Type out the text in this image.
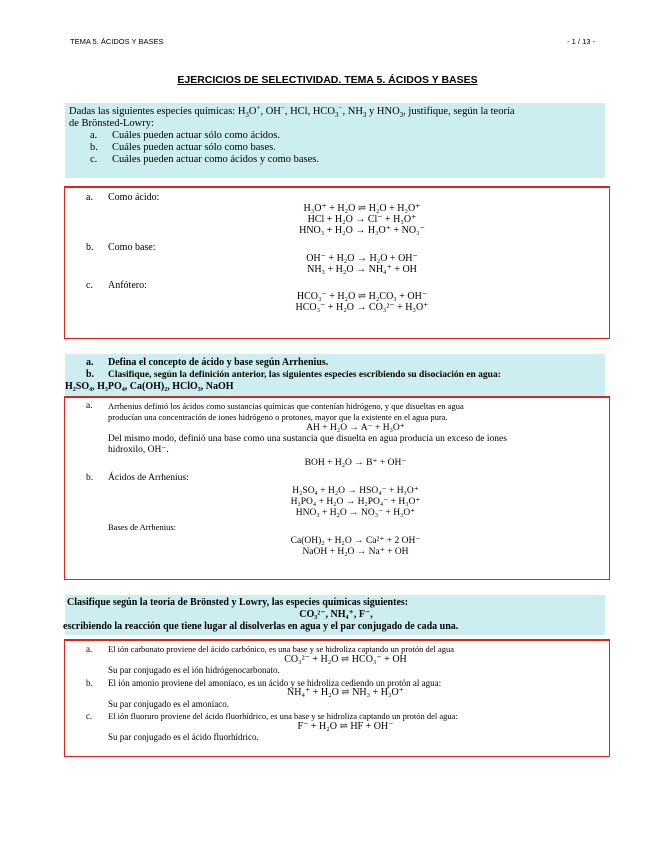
TEMA 5. ÁCIDOS Y BASES	- 1 / 13 -
EJERCICIOS DE SELECTIVIDAD. TEMA 5. ÁCIDOS Y BASES
Dadas las siguientes especies químicas: $H_3O^+$, OH−, HCl, $HCO_3^-$, $NH_3$ y $HNO_3$, justifique, según la teoría
de Brönsted-Lowry:
a. Cuáles pueden actuar sólo como ácidos.
b. Cuáles pueden actuar sólo como bases.
c. Cuáles pueden actuar como ácidos y como bases.
a. Como ácido:
H₃O⁺ + H₂O ⇌ H₂O + H₃O⁺
HCl + H₂O → Cl⁻ + H₃O⁺
HNO₃ + H₂O → H₃O⁺ + NO₃⁻
b. Como base:
OH⁻ + H₂O → H₂O + OH⁻
NH₃ + H₂O → NH₄⁺ + OH
c. Anfótero:
HCO₃⁻ + H₂O ⇌ H₂CO₃ + OH⁻
HCO₃⁻ + H₂O → CO₃²⁻ + H₃O⁺
a. Defina el concepto de ácido y base según Arrhenius.
b.	Clasifique, según la definición anterior, las siguientes especies escribiendo su disociación en agua:
H₂SO₄, H₃PO₄, Ca(OH)₂, HClO₃, NaOH
a.	Arrhenius definió los ácidos como sustancias químicas que contenían hidrógeno, y que disueltas en agua
producían una concentración de iones hidrógeno o protones, mayor que la existente en el agua pura.
AH + H₂O → A⁻ + H₃O⁺
Del mismo modo, definió una base como una sustancia que disuelta en agua producía un exceso de iones
hidroxilo, OH⁻.
BOH + H₂O → B⁺ + OH⁻
b. Ácidos de Arrhenius:
H₂SO₄ + H₂O → HSO₄⁻ + H₃O⁺
H₃PO₄ + H₂O → H₂PO₄⁻ + H₃O⁺
HNO₃ + H₂O → NO₃⁻ + H₃O⁺
Bases de Arrhenius:
Ca(OH)₂ + H₂O → Ca²⁺ + 2 OH⁻
NaOH + H₂O → Na⁺ + OH
Clasifique según la teoría de Brönsted y Lowry, las especies químicas siguientes:
CO₃²⁻, NH₄⁺, F⁻,
escribiendo la reacción que tiene lugar al disolverlas en agua y el par conjugado de cada una.
a. El ión carbonato proviene del ácido carbónico, es una base y se hidroliza captando un protón del agua
CO₃²⁻ + H₂O ⇌ HCO₃⁻ + OH
Su par conjugado es el ión hidrógenocarbonato.
b. El ión amonio proviene del amoníaco, es un ácido y se hidroliza cediendo un protón al agua:
NH₄⁺ + H₂O ⇌ NH₃ + H₃O⁺
Su par conjugado es el amoníaco.
c. El ión fluoruro proviene del ácido fluorhídrico, es una base y se hidroliza captando un protón del agua:
F⁻ + H₂O ⇌ HF + OH⁻
Su par conjugado es el ácido fluorhídrico.
